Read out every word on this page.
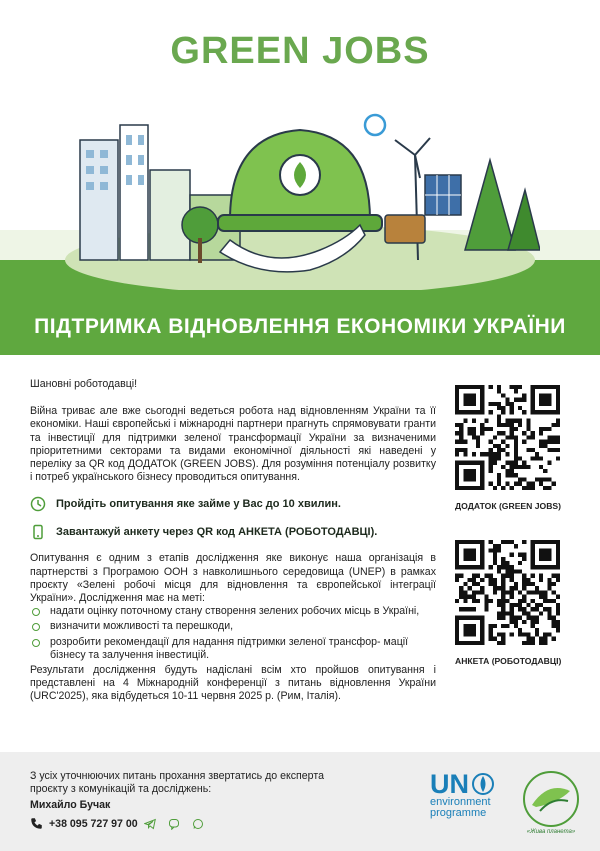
GREEN JOBS
ПІДТРИМКА ВІДНОВЛЕННЯ ЕКОНОМІКИ УКРАЇНИ

Шановні роботодавці!

Війна триває але вже сьогодні ведеться робота над відновленням України та її економіки. Наші європейські і міжнародні партнери прагнуть спрямовувати гранти та інвестиції для підтримки зеленої трансформації України за визначеними пріоритетними секторами та видами економічної діяльності які наведені у переліку за QR код ДОДАТОК (GREEN JOBS). Для розуміння потенціалу розвитку і потреб українського бізнесу проводиться опитування.

Пройдіть опитування яке займе у Вас до 10 хвилин.
Завантажуй анкету через QR код АНКЕТА (РОБОТОДАВЦІ).

Опитування є одним з етапів дослідження яке виконує наша організація в партнерстві з Програмою ООН з навколишнього середовища (UNEP) в рамках проєкту «Зелені робочі місця для відновлення та європейської інтеграції України». Дослідження має на меті:

надати оцінку поточному стану створення зелених робочих місць в Україні,
визначити можливості та перешкоди,
розробити рекомендації для надання підтримки зеленої трансфор- мації бізнесу та залучення інвестицій.

Результати дослідження будуть надіслані всім хто пройшов опитування і представлені на 4 Міжнародній конференції з питань відновлення України (URC'2025), яка відбудеться 10-11 червня 2025 р. (Рим, Італія).

ДОДАТОК (GREEN JOBS)
АНКЕТА (РОБОТОДАВЦІ)
З усіх уточнюючих питань прохання звертатись до експерта проєкту з комунікацій та досліджень:
Михайло Бучак
+38 095 727 97 00
UN
environment
programme
«Жива планета»
